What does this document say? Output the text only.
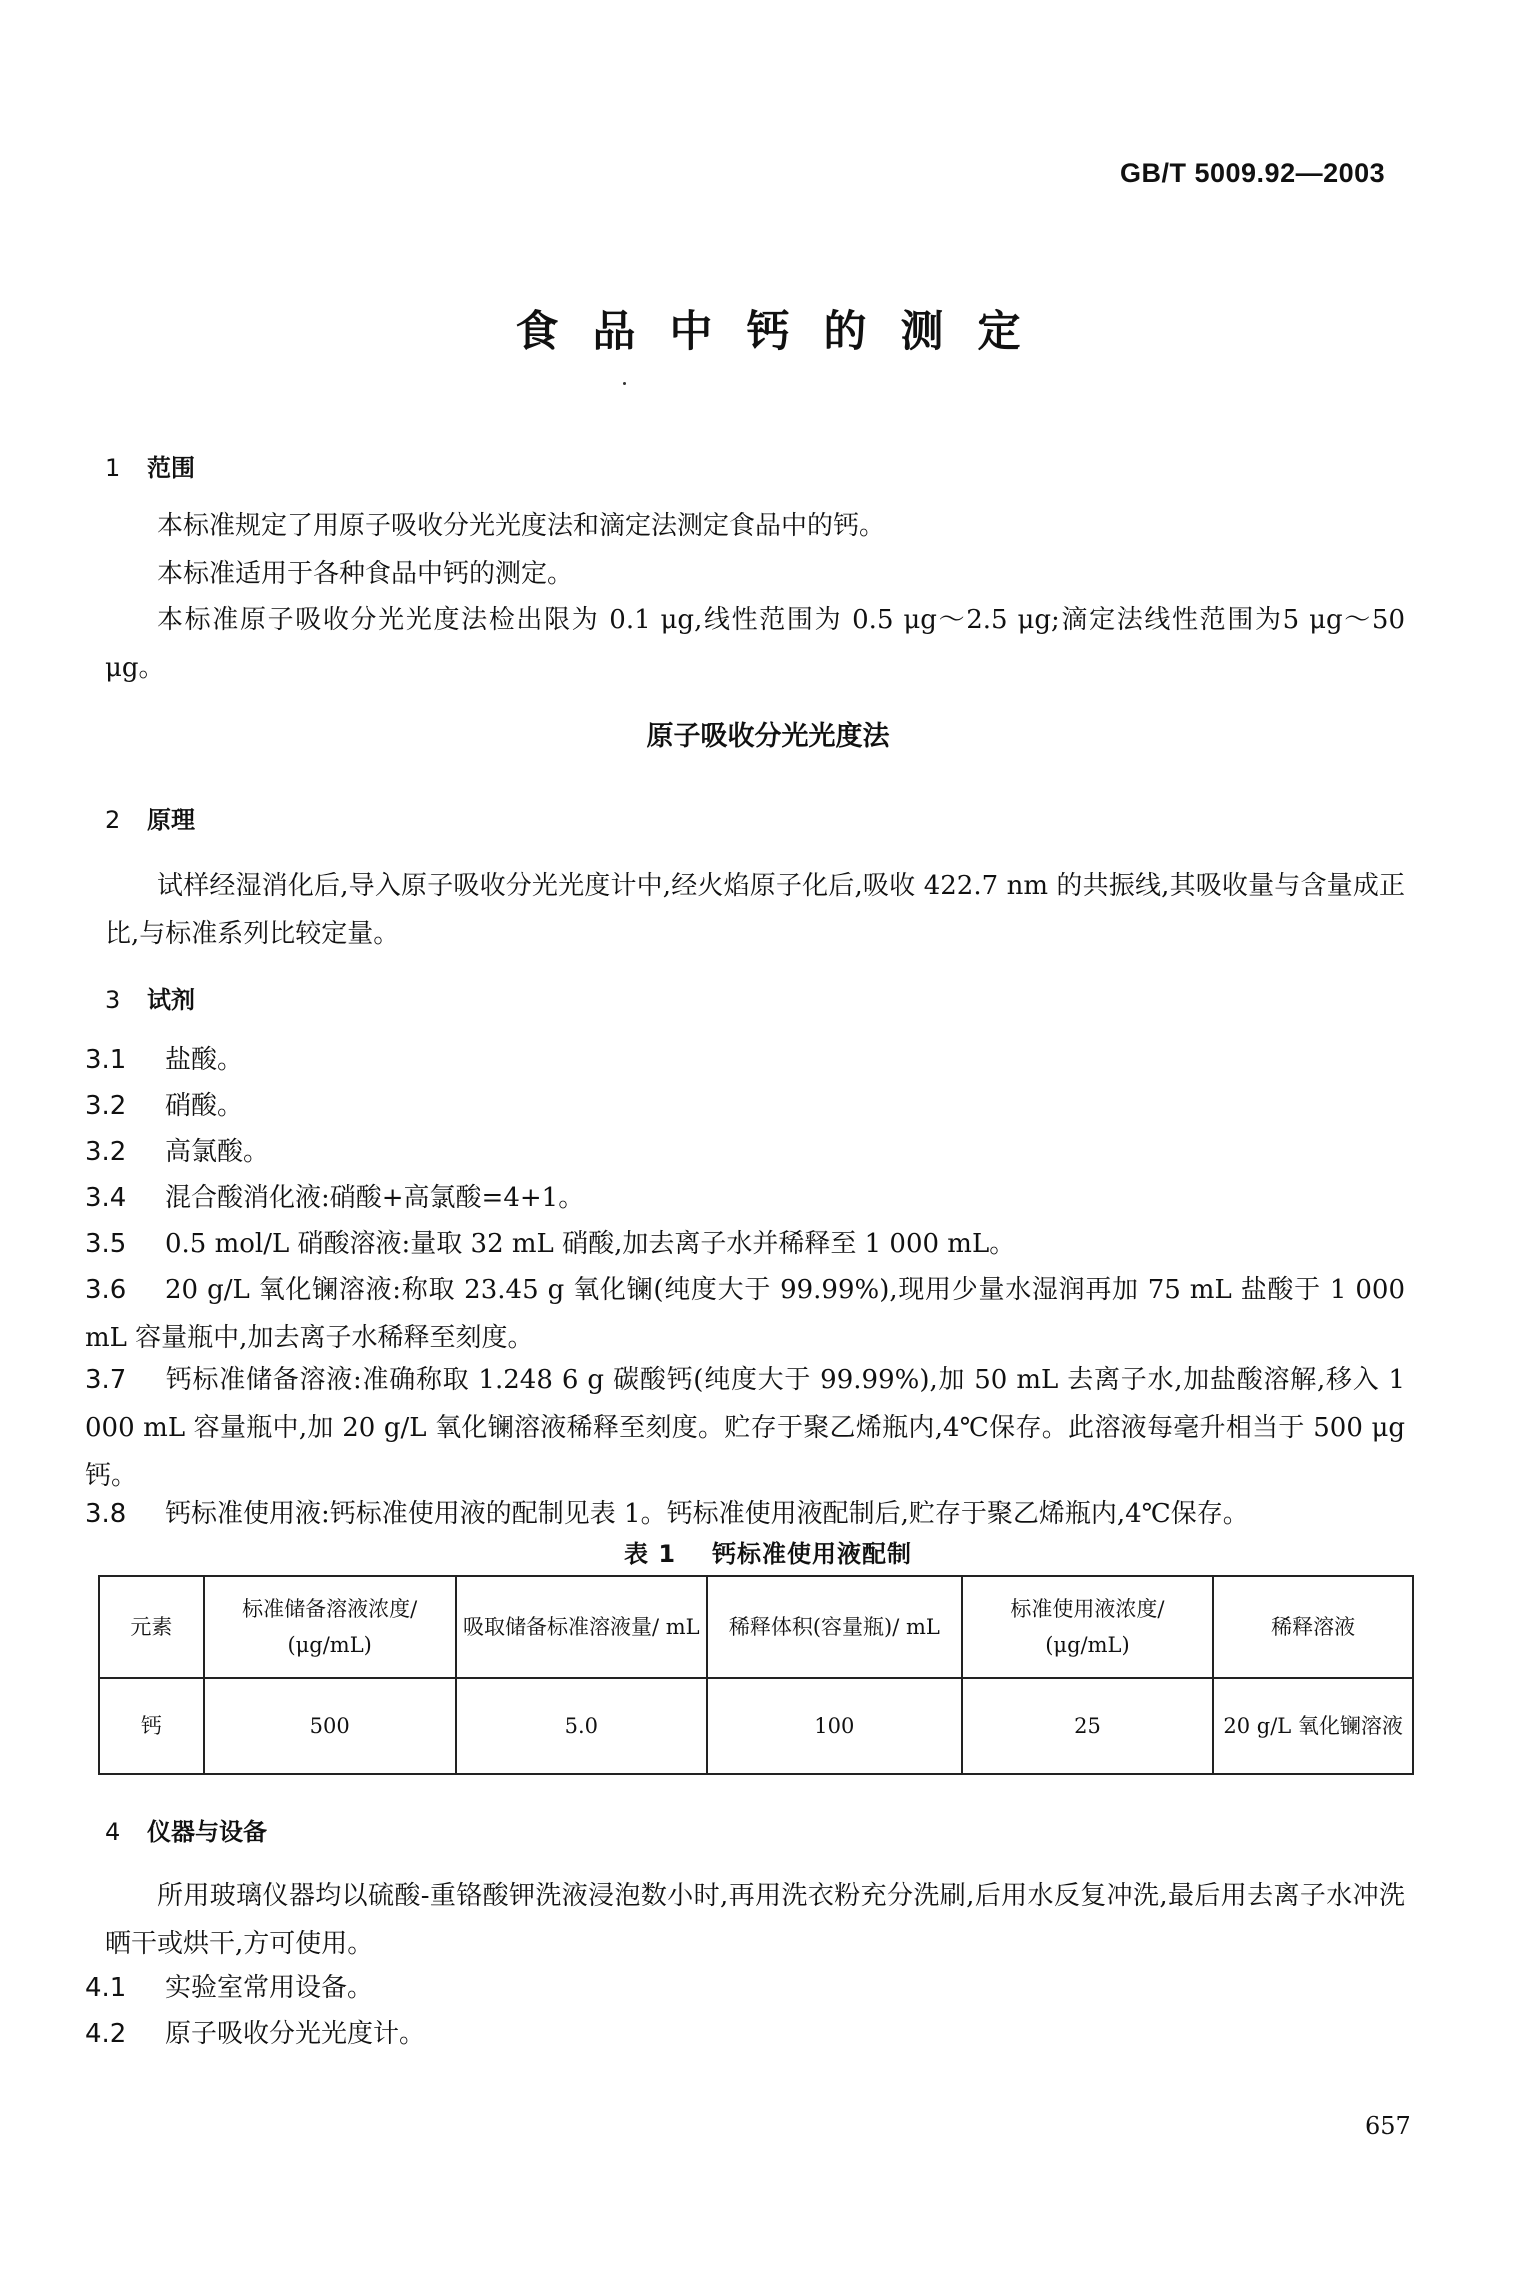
GB/T 5009.92—2003
食品中钙的测定
1 范围
本标准规定了用原子吸收分光光度法和滴定法测定食品中的钙。
本标准适用于各种食品中钙的测定。
本标准原子吸收分光光度法检出限为 0.1 μg,线性范围为 0.5 μg～2.5 μg;滴定法线性范围为5 μg～50 μg。
原子吸收分光光度法
2 原理
试样经湿消化后,导入原子吸收分光光度计中,经火焰原子化后,吸收 422.7 nm 的共振线,其吸收量与含量成正比,与标准系列比较定量。
3 试剂
3.1 盐酸。
3.2 硝酸。
3.2 高氯酸。
3.4 混合酸消化液:硝酸+高氯酸=4+1。
3.5 0.5 mol/L 硝酸溶液:量取 32 mL 硝酸,加去离子水并稀释至 1 000 mL。
3.6 20 g/L 氧化镧溶液:称取 23.45 g 氧化镧(纯度大于 99.99%),现用少量水湿润再加 75 mL 盐酸于 1 000 mL 容量瓶中,加去离子水稀释至刻度。
3.7 钙标准储备溶液:准确称取 1.248 6 g 碳酸钙(纯度大于 99.99%),加 50 mL 去离子水,加盐酸溶解,移入 1 000 mL 容量瓶中,加 20 g/L 氧化镧溶液稀释至刻度。贮存于聚乙烯瓶内,4℃保存。此溶液每毫升相当于 500 μg 钙。
3.8 钙标准使用液:钙标准使用液的配制见表 1。钙标准使用液配制后,贮存于聚乙烯瓶内,4℃保存。
表 1 钙标准使用液配制
元素	标准储备溶液浓度/ (μg/mL)	吸取储备标准溶液量/ mL	稀释体积(容量瓶)/ mL	标准使用液浓度/ (μg/mL)	稀释溶液
钙	500	5.0	100	25	20 g/L 氧化镧溶液
4 仪器与设备
所用玻璃仪器均以硫酸-重铬酸钾洗液浸泡数小时,再用洗衣粉充分洗刷,后用水反复冲洗,最后用去离子水冲洗晒干或烘干,方可使用。
4.1 实验室常用设备。
4.2 原子吸收分光光度计。
657
